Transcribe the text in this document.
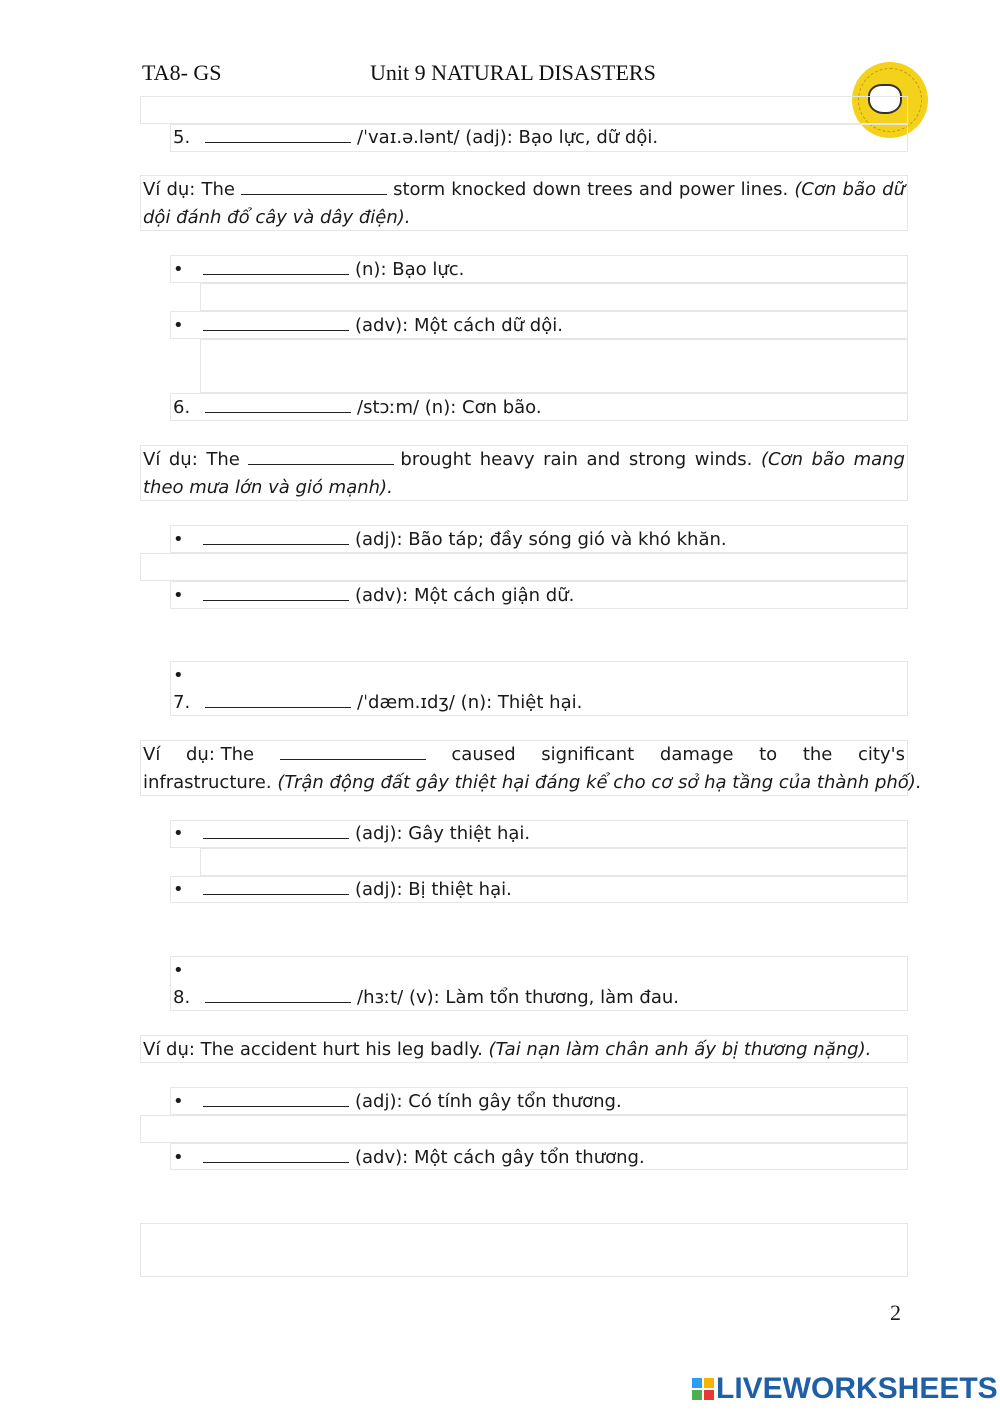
TA8- GS	Unit 9 NATURAL DISASTERS
5.	/ˈvaɪ.ə.lənt/ (adj): Bạo lực, dữ dội.
Ví dụ: The	storm knocked down trees and power lines. (Cơn bão dữ
dội đánh đổ cây và dây điện).
•	(n): Bạo lực.
•	(adv): Một cách dữ dội.
6.	/stɔːm/ (n): Cơn bão.
Ví dụ: The	brought heavy rain and strong winds. (Cơn bão mang
theo mưa lớn và gió mạnh).
•	(adj): Bão táp; đầy sóng gió và khó khăn.
•	(adv): Một cách giận dữ.
•
7.	/ˈdæm.ɪdʒ/ (n): Thiệt hại.
Ví dụ: The	caused significant damage to the city's
infrastructure. (Trận động đất gây thiệt hại đáng kể cho cơ sở hạ tầng của thành phố).
•	(adj): Gây thiệt hại.
•	(adj): Bị thiệt hại.
•
8.	/hɜːt/ (v): Làm tổn thương, làm đau.
Ví dụ: The accident hurt his leg badly. (Tai nạn làm chân anh ấy bị thương nặng).
•	(adj): Có tính gây tổn thương.
•	(adv): Một cách gây tổn thương.
2
LIVEWORKSHEETS
